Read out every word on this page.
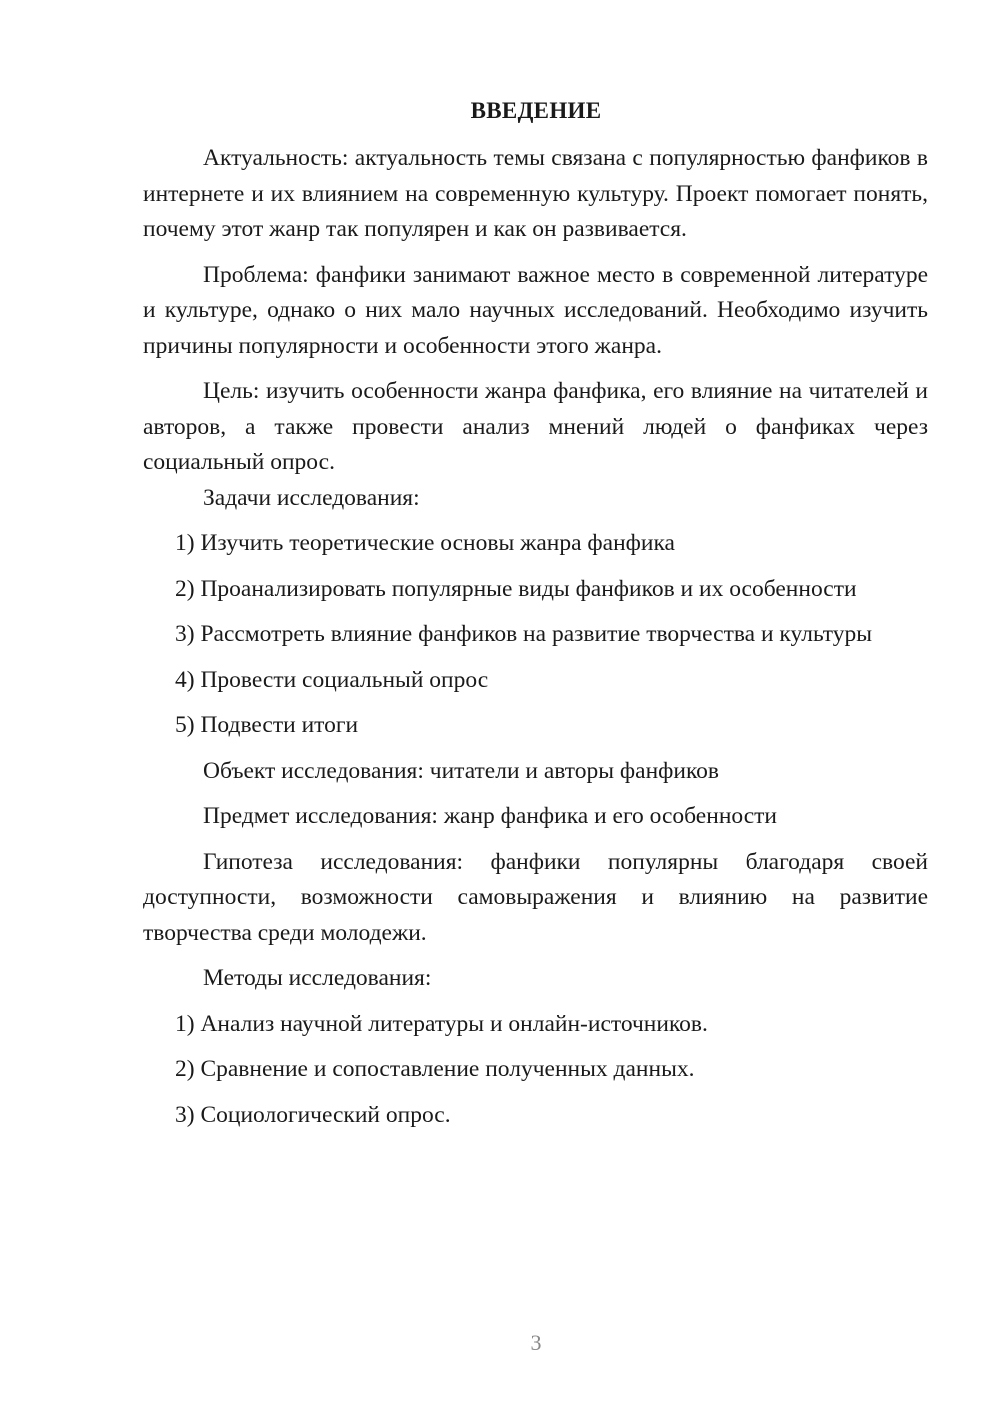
ВВЕДЕНИЕ

Актуальность: актуальность темы связана с популярностью фанфиков в интернете и их влиянием на современную культуру. Проект помогает понять, почему этот жанр так популярен и как он развивается.

Проблема: фанфики занимают важное место в современной литературе и культуре, однако о них мало научных исследований. Необходимо изучить причины популярности и особенности этого жанра.

Цель: изучить особенности жанра фанфика, его влияние на читателей и авторов, а также провести анализ мнений людей о фанфиках через социальный опрос.

Задачи исследования:

1) Изучить теоретические основы жанра фанфика

2) Проанализировать популярные виды фанфиков и их особенности

3) Рассмотреть влияние фанфиков на развитие творчества и культуры

4) Провести социальный опрос

5) Подвести итоги

Объект исследования: читатели и авторы фанфиков

Предмет исследования: жанр фанфика и его особенности

Гипотеза исследования: фанфики популярны благодаря своей доступности, возможности самовыражения и влиянию на развитие творчества среди молодежи.

Методы исследования:

1) Анализ научной литературы и онлайн-источников.

2) Сравнение и сопоставление полученных данных.

3) Социологический опрос.

3
